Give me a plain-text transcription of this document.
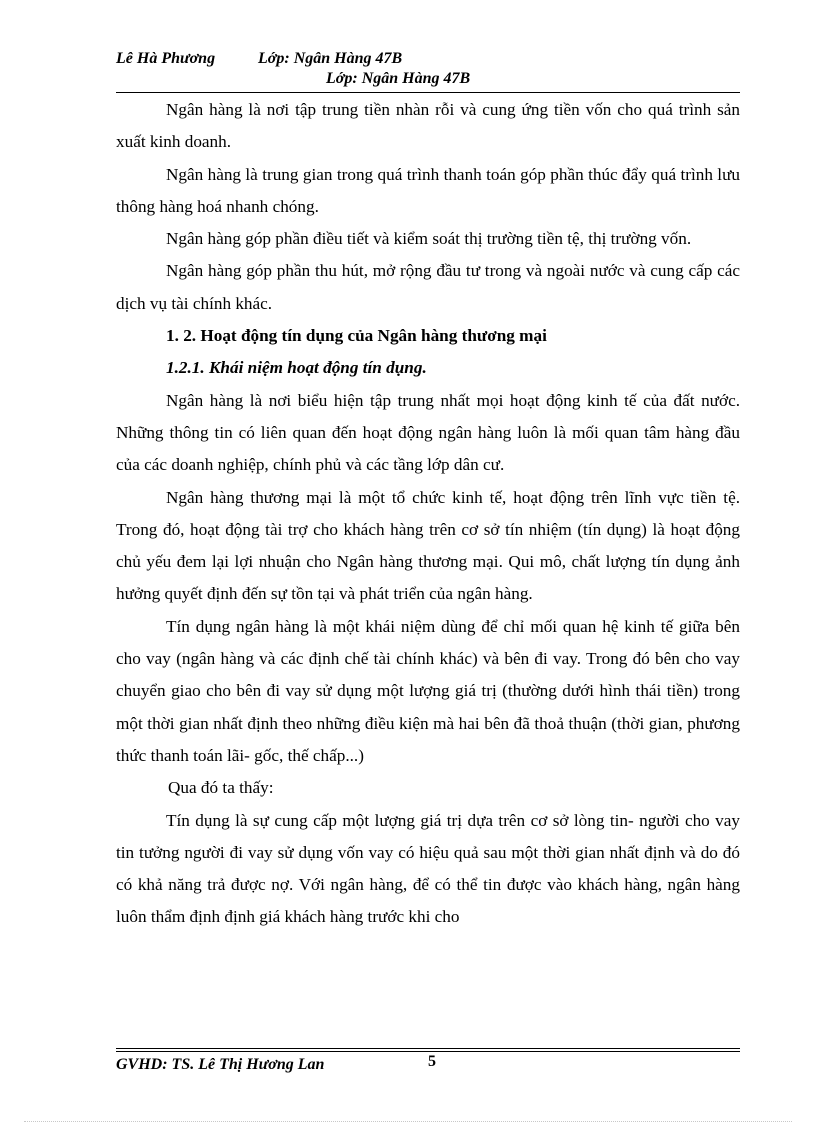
Lê Hà Phương	Lớp: Ngân Hàng 47B
Lớp: Ngân Hàng 47B

Ngân hàng là nơi tập trung tiền nhàn rỗi và cung ứng tiền vốn cho quá trình sản xuất kinh doanh.

Ngân hàng là trung gian trong quá trình thanh toán góp phần thúc đẩy quá trình lưu thông hàng hoá nhanh chóng.

Ngân hàng góp phần điều tiết và kiểm soát thị trường tiền tệ, thị trường vốn.

Ngân hàng góp phần thu hút, mở rộng đầu tư trong và ngoài nước và cung cấp các dịch vụ tài chính khác.

1. 2. Hoạt động tín dụng của Ngân hàng thương mại

1.2.1. Khái niệm hoạt động tín dụng.

Ngân hàng là nơi biểu hiện tập trung nhất mọi hoạt động kinh tế của đất nước. Những thông tin có liên quan đến hoạt động ngân hàng luôn là mối quan tâm hàng đầu của các doanh nghiệp, chính phủ và các tầng lớp dân cư.

Ngân hàng thương mại là một tổ chức kinh tế, hoạt động trên lĩnh vực tiền tệ. Trong đó, hoạt động tài trợ cho khách hàng trên cơ sở tín nhiệm (tín dụng) là hoạt động chủ yếu đem lại lợi nhuận cho Ngân hàng thương mại. Qui mô, chất lượng tín dụng ảnh hưởng quyết định đến sự tồn tại và phát triển của ngân hàng.

Tín dụng ngân hàng là một khái niệm dùng để chỉ mối quan hệ kinh tế giữa bên cho vay (ngân hàng và các định chế tài chính khác) và bên đi vay. Trong đó bên cho vay chuyển giao cho bên đi vay sử dụng một lượng giá trị (thường dưới hình thái tiền) trong một thời gian nhất định theo những điều kiện mà hai bên đã thoả thuận (thời gian, phương thức thanh toán lãi- gốc, thế chấp...)

Qua đó ta thấy:

Tín dụng là sự cung cấp một lượng giá trị dựa trên cơ sở lòng tin- người cho vay tin tưởng người đi vay sử dụng vốn vay có hiệu quả sau một thời gian nhất định và do đó có khả năng trả được nợ. Với ngân hàng, để có thể tin được vào khách hàng, ngân hàng luôn thẩm định định giá khách hàng trước khi cho

GVHD: TS. Lê Thị Hương Lan	5
